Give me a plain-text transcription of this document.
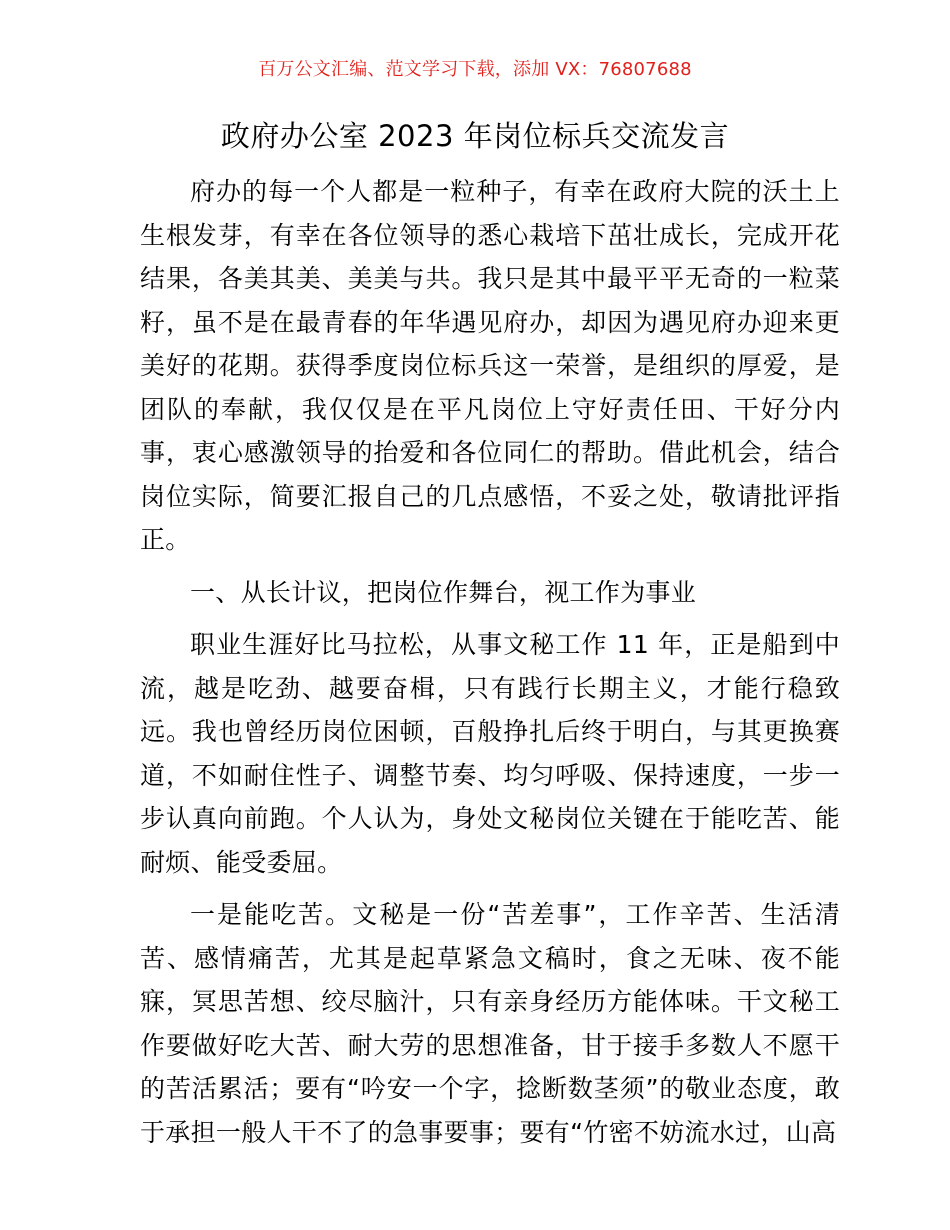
百万公文汇编、范文学习下载，添加 VX：76807688
政府办公室 2023 年岗位标兵交流发言

府办的每一个人都是一粒种子，有幸在政府大院的沃土上生根发芽，有幸在各位领导的悉心栽培下茁壮成长，完成开花结果，各美其美、美美与共。我只是其中最平平无奇的一粒菜籽，虽不是在最青春的年华遇见府办，却因为遇见府办迎来更美好的花期。获得季度岗位标兵这一荣誉，是组织的厚爱，是团队的奉献，我仅仅是在平凡岗位上守好责任田、干好分内事，衷心感激领导的抬爱和各位同仁的帮助。借此机会，结合岗位实际，简要汇报自己的几点感悟，不妥之处，敬请批评指正。

一、从长计议，把岗位作舞台，视工作为事业

职业生涯好比马拉松，从事文秘工作 11 年，正是船到中流，越是吃劲、越要奋楫，只有践行长期主义，才能行稳致远。我也曾经历岗位困顿，百般挣扎后终于明白，与其更换赛道，不如耐住性子、调整节奏、均匀呼吸、保持速度，一步一步认真向前跑。个人认为，身处文秘岗位关键在于能吃苦、能耐烦、能受委屈。

一是能吃苦。文秘是一份“苦差事”，工作辛苦、生活清苦、感情痛苦，尤其是起草紧急文稿时，食之无味、夜不能寐，冥思苦想、绞尽脑汁，只有亲身经历方能体味。干文秘工作要做好吃大苦、耐大劳的思想准备，甘于接手多数人不愿干的苦活累活；要有“吟安一个字，捻断数茎须”的敬业态度，敢于承担一般人干不了的急事要事；要有“竹密不妨流水过，山高
